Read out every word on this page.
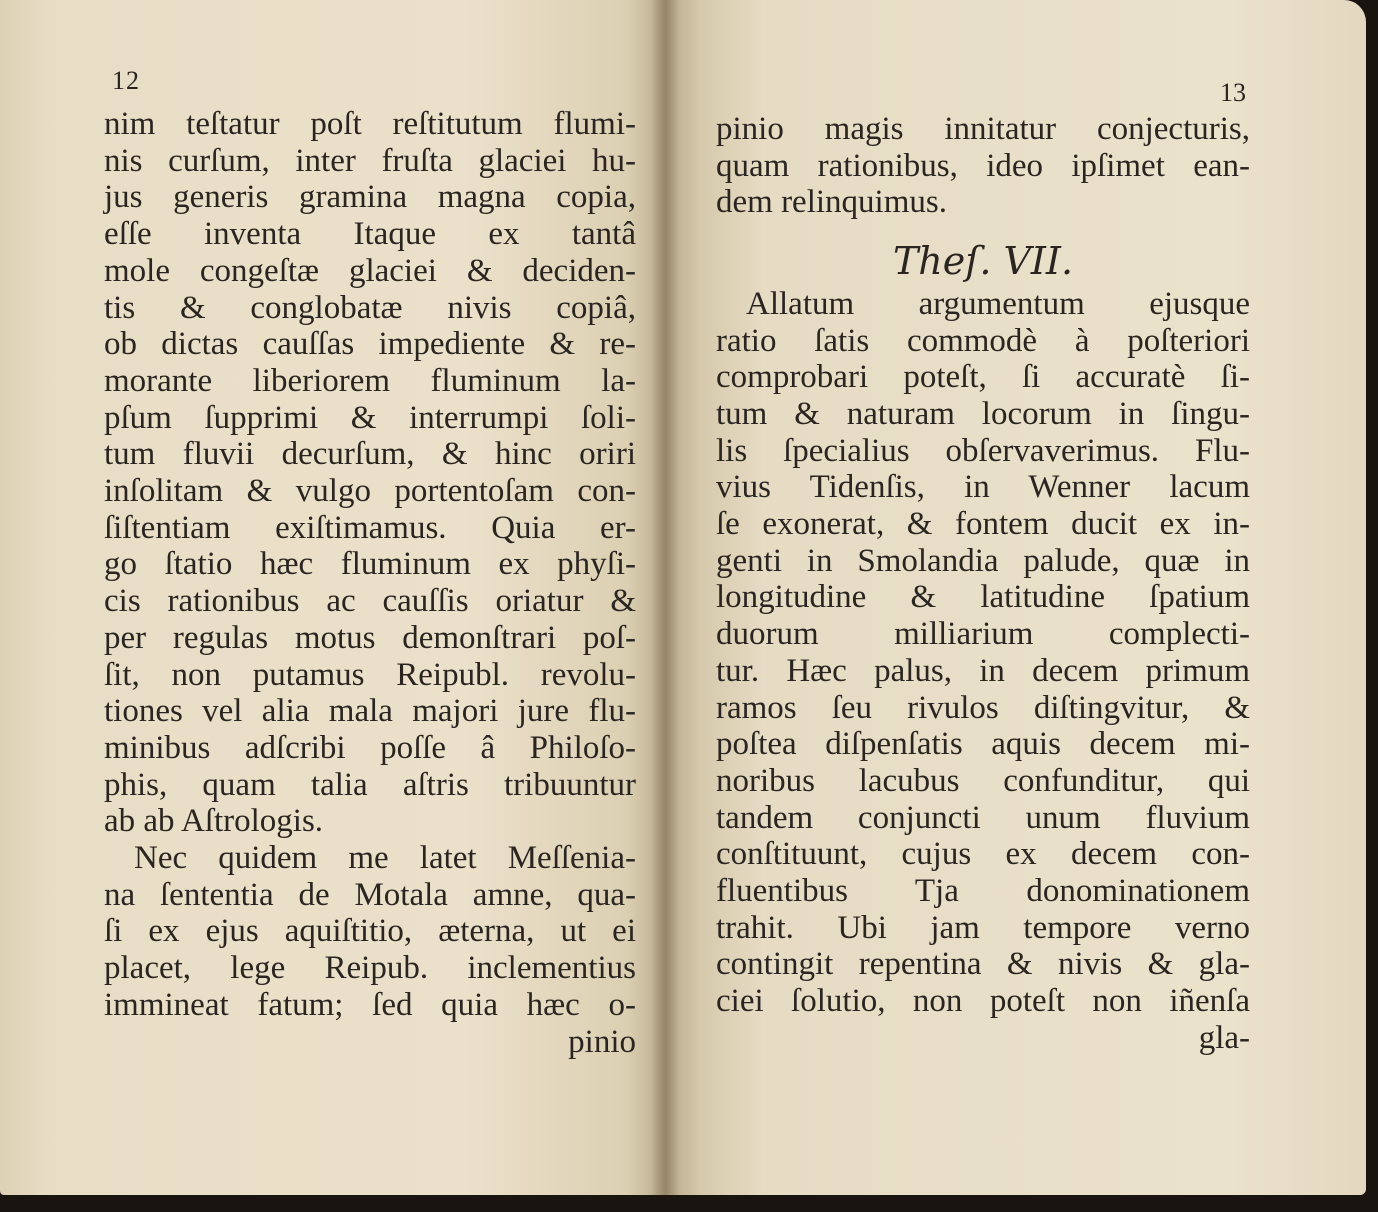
12
nim teſtatur poſt reſtitutum flumi-
nis curſum, inter fruſta glaciei hu-
jus generis gramina magna copia,
eſſe inventa Itaque ex tantâ
mole congeſtæ glaciei & deciden-
tis & conglobatæ nivis copiâ,
ob dictas cauſſas impediente & re-
morante liberiorem fluminum la-
pſum ſupprimi & interrumpi ſoli-
tum fluvii decurſum, & hinc oriri
inſolitam & vulgo portentoſam con-
ſiſtentiam exiſtimamus. Quia er-
go ſtatio hæc fluminum ex phyſi-
cis rationibus ac cauſſis oriatur &
per regulas motus demonſtrari poſ-
ſit, non putamus Reipubl. revolu-
tiones vel alia mala majori jure flu-
minibus adſcribi poſſe â Philoſo-
phis, quam talia aſtris tribuuntur
ab ab Aſtrologis.
Nec quidem me latet Meſſenia-
na ſententia de Motala amne, qua-
ſi ex ejus aquiſtitio, æterna, ut ei
placet, lege Reipub. inclementius
immineat fatum; ſed quia hæc o-
pinio
13
pinio magis innitatur conjecturis,
quam rationibus, ideo ipſimet ean-
dem relinquimus.
Theſ. VII.
Allatum argumentum ejusque
ratio ſatis commodè à poſteriori
comprobari poteſt, ſi accuratè ſi-
tum & naturam locorum in ſingu-
lis ſpecialius obſervaverimus. Flu-
vius Tidenſis, in Wenner lacum
ſe exonerat, & fontem ducit ex in-
genti in Smolandia palude, quæ in
longitudine & latitudine ſpatium
duorum milliarium complecti-
tur. Hæc palus, in decem primum
ramos ſeu rivulos diſtingvitur, &
poſtea diſpenſatis aquis decem mi-
noribus lacubus confunditur, qui
tandem conjuncti unum fluvium
conſtituunt, cujus ex decem con-
fluentibus Tja donominationem
trahit. Ubi jam tempore verno
contingit repentina & nivis & gla-
ciei ſolutio, non poteſt non iñenſa
gla-
